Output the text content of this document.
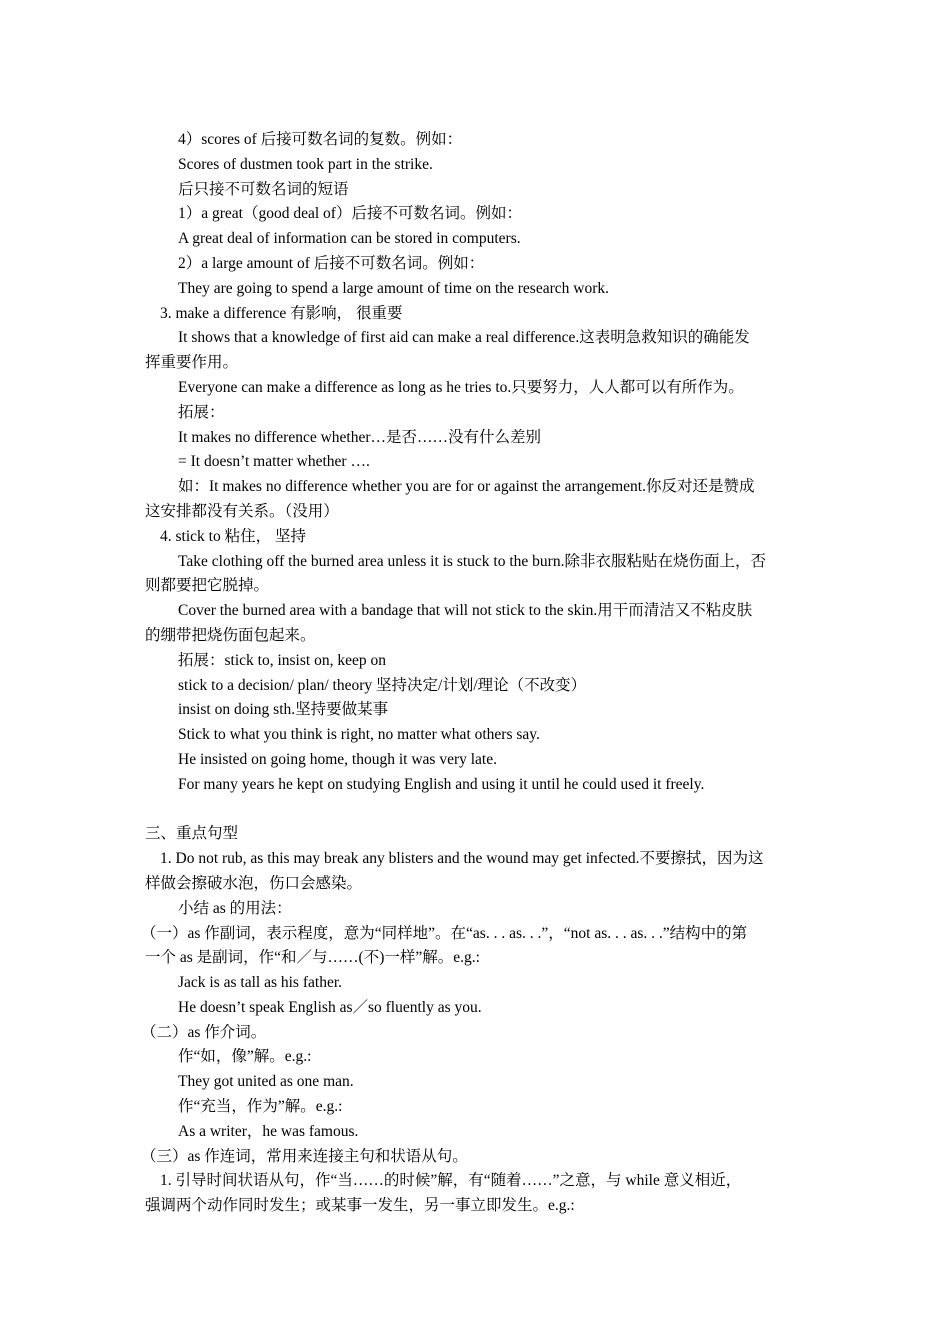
4）scores of 后接可数名词的复数。例如：
Scores of dustmen took part in the strike.
后只接不可数名词的短语
1）a great（good deal of）后接不可数名词。例如：
A great deal of information can be stored in computers.
2）a large amount of 后接不可数名词。例如：
They are going to spend a large amount of time on the research work.
3. make a difference 有影响， 很重要
It shows that a knowledge of first aid can make a real difference.这表明急救知识的确能发
挥重要作用。
Everyone can make a difference as long as he tries to.只要努力，人人都可以有所作为。
拓展：
It makes no difference whether…是否……没有什么差别
= It doesn’t matter whether ….
如：It makes no difference whether you are for or against the arrangement.你反对还是赞成
这安排都没有关系。（没用）
4. stick to 粘住， 坚持
Take clothing off the burned area unless it is stuck to the burn.除非衣服粘贴在烧伤面上，否
则都要把它脱掉。
Cover the burned area with a bandage that will not stick to the skin.用干而清洁又不粘皮肤
的绷带把烧伤面包起来。
拓展：stick to, insist on, keep on
stick to a decision/ plan/ theory 坚持决定/计划/理论（不改变）
insist on doing sth.坚持要做某事
Stick to what you think is right, no matter what others say.
He insisted on going home, though it was very late.
For many years he kept on studying English and using it until he could used it freely.
三、重点句型
1. Do not rub, as this may break any blisters and the wound may get infected.不要擦拭，因为这
样做会擦破水泡，伤口会感染。
小结 as 的用法：
（一）as 作副词，表示程度，意为“同样地”。在“as. . . as. . .”，“not as. . . as. . .”结构中的第
一个 as 是副词，作“和／与……(不)一样”解。e.g.:
Jack is as tall as his father.
He doesn’t speak English as／so fluently as you.
（二）as 作介词。
作“如，像”解。e.g.:
They got united as one man.
作“充当，作为”解。e.g.:
As a writer，he was famous.
（三）as 作连词，常用来连接主句和状语从句。
1. 引导时间状语从句，作“当……的时候”解，有“随着……”之意，与 while 意义相近，
强调两个动作同时发生；或某事一发生，另一事立即发生。e.g.:
